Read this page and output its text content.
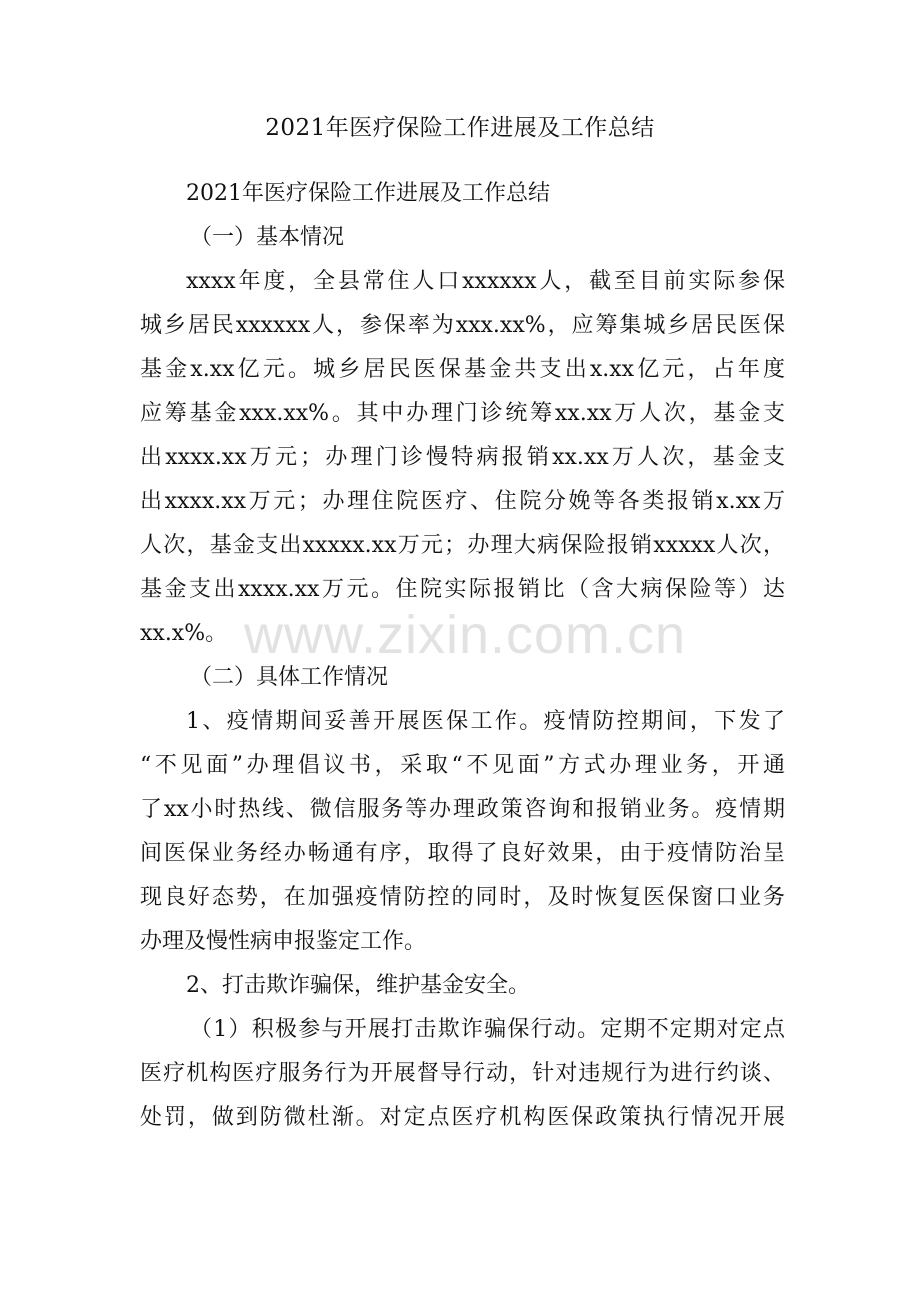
2021年医疗保险工作进展及工作总结
2021年医疗保险工作进展及工作总结
（一）基本情况
xxxx年度，全县常住人口xxxxxx人，截至目前实际参保
城乡居民xxxxxx人，参保率为xxx.xx%，应筹集城乡居民医保
基金x.xx亿元。城乡居民医保基金共支出x.xx亿元，占年度
应筹基金xxx.xx%。其中办理门诊统筹xx.xx万人次，基金支
出xxxx.xx万元；办理门诊慢特病报销xx.xx万人次，基金支
出xxxx.xx万元；办理住院医疗、住院分娩等各类报销x.xx万
人次，基金支出xxxxx.xx万元；办理大病保险报销xxxxx人次，
基金支出xxxx.xx万元。住院实际报销比（含大病保险等）达
xx.x%。
（二）具体工作情况
1、疫情期间妥善开展医保工作。疫情防控期间，下发了
“不见面”办理倡议书，采取“不见面”方式办理业务，开通
了xx小时热线、微信服务等办理政策咨询和报销业务。疫情期
间医保业务经办畅通有序，取得了良好效果，由于疫情防治呈
现良好态势，在加强疫情防控的同时，及时恢复医保窗口业务
办理及慢性病申报鉴定工作。
2、打击欺诈骗保，维护基金安全。
（1）积极参与开展打击欺诈骗保行动。定期不定期对定点
医疗机构医疗服务行为开展督导行动，针对违规行为进行约谈、
处罚，做到防微杜渐。对定点医疗机构医保政策执行情况开展
www.zixin.com.cn
